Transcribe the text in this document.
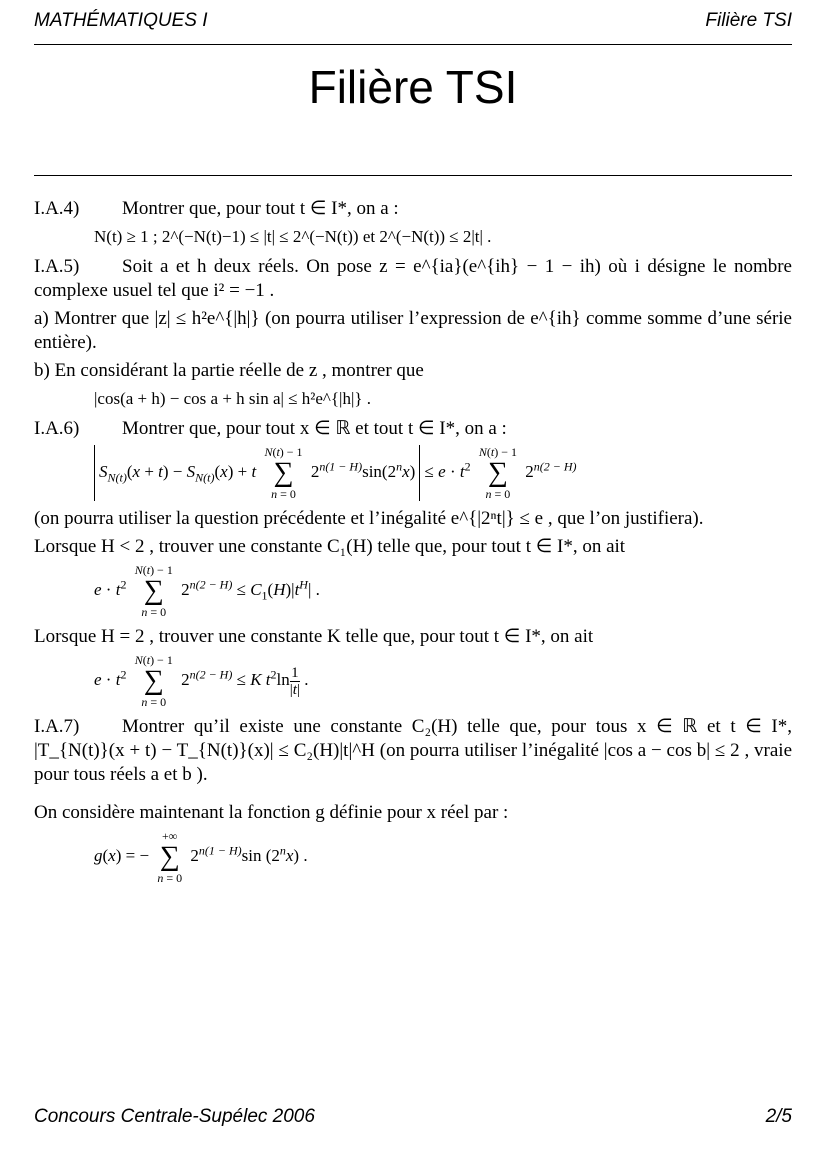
MATHÉMATIQUES I	Filière TSI
Filière TSI

I.A.4) Montrer que, pour tout t ∈ I*, on a :

N(t) ≥ 1 ; 2^(−N(t)−1) ≤ |t| ≤ 2^(−N(t)) et 2^(−N(t)) ≤ 2|t| .

I.A.5) Soit a et h deux réels. On pose z = e^{ia}(e^{ih} − 1 − ih) où i désigne le nombre complexe usuel tel que i² = −1 .

a) Montrer que |z| ≤ h²e^{|h|} (on pourra utiliser l’expression de e^{ih} comme somme d’une série entière).

b) En considérant la partie réelle de z , montrer que

|cos(a + h) − cos a + h sin a| ≤ h²e^{|h|} .

I.A.6) Montrer que, pour tout x ∈ ℝ et tout t ∈ I*, on a :

$S_{N(t)}(x + t) - S_{N(t)}(x) + t$ N(t) − 1
∑
n = 0 $2^{n(1 - H)}\sin(2^nx) \le e \cdot t^2$ N(t) − 1
∑
n = 0 $2^{n(2 - H)}$

(on pourra utiliser la question précédente et l’inégalité e^{|2ⁿt|} ≤ e , que l’on justifiera).

Lorsque H < 2 , trouver une constante C₁(H) telle que, pour tout t ∈ I*, on ait

$e \cdot t^2$ N(t) − 1
∑
n = 0 $2^{n(2 - H)} \le C_1(H)|t^H|$ .

Lorsque H = 2 , trouver une constante K telle que, pour tout t ∈ I*, on ait

$e \cdot t^2$ N(t) − 1
∑
n = 0 $2^{n(2 - H)} \le K$ $t^2\ln \frac{1}{|t|}$ .

I.A.7) Montrer qu’il existe une constante C₂(H) telle que, pour tous x ∈ ℝ et t ∈ I*, |T_{N(t)}(x + t) − T_{N(t)}(x)| ≤ C₂(H)|t|^H (on pourra utiliser l’inégalité |cos a − cos b| ≤ 2 , vraie pour tous réels a et b ).

On considère maintenant la fonction g définie pour x réel par :

g(x) = − +∞
∑
n = 0 $2^{n(1 - H)}\sin$ (2$^n$x) .
Concours Centrale-Supélec 2006	2/5
